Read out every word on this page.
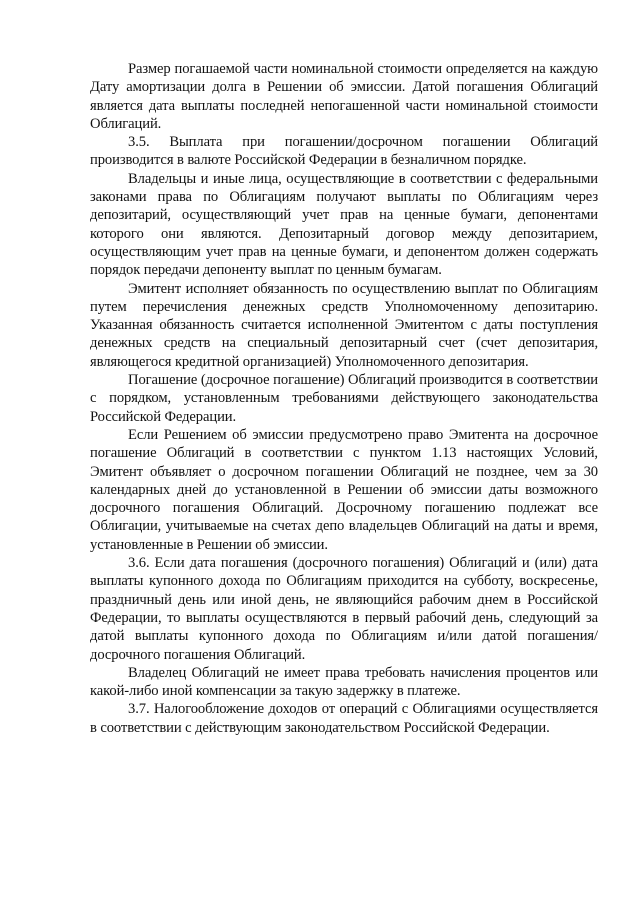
Размер погашаемой части номинальной стоимости определяется на каждую Дату амортизации долга в Решении об эмиссии. Датой погашения Облигаций является дата выплаты последней непогашенной части номинальной стоимости Облигаций.

3.5. Выплата при погашении/досрочном погашении Облигаций производится в валюте Российской Федерации в безналичном порядке.

Владельцы и иные лица, осуществляющие в соответствии с федеральными законами права по Облигациям получают выплаты по Облигациям через депозитарий, осуществляющий учет прав на ценные бумаги, депонентами которого они являются. Депозитарный договор между депозитарием, осуществляющим учет прав на ценные бумаги, и депонентом должен содержать порядок передачи депоненту выплат по ценным бумагам.

Эмитент исполняет обязанность по осуществлению выплат по Облигациям путем перечисления денежных средств Уполномоченному депозитарию. Указанная обязанность считается исполненной Эмитентом с даты поступления денежных средств на специальный депозитарный счет (счет депозитария, являющегося кредитной организацией) Уполномоченного депозитария.

Погашение (досрочное погашение) Облигаций производится в соответствии с порядком, установленным требованиями действующего законодательства Российской Федерации.

Если Решением об эмиссии предусмотрено право Эмитента на досрочное погашение Облигаций в соответствии с пунктом 1.13 настоящих Условий, Эмитент объявляет о досрочном погашении Облигаций не позднее, чем за 30 календарных дней до установленной в Решении об эмиссии даты возможного досрочного погашения Облигаций. Досрочному погашению подлежат все Облигации, учитываемые на счетах депо владельцев Облигаций на даты и время, установленные в Решении об эмиссии.

3.6. Если дата погашения (досрочного погашения) Облигаций и (или) дата выплаты купонного дохода по Облигациям приходится на субботу, воскресенье, праздничный день или иной день, не являющийся рабочим днем в Российской Федерации, то выплаты осуществляются в первый рабочий день, следующий за датой выплаты купонного дохода по Облигациям и/или датой погашения/досрочного погашения Облигаций.

Владелец Облигаций не имеет права требовать начисления процентов или какой-либо иной компенсации за такую задержку в платеже.

3.7. Налогообложение доходов от операций с Облигациями осуществляется в соответствии с действующим законодательством Российской Федерации.
